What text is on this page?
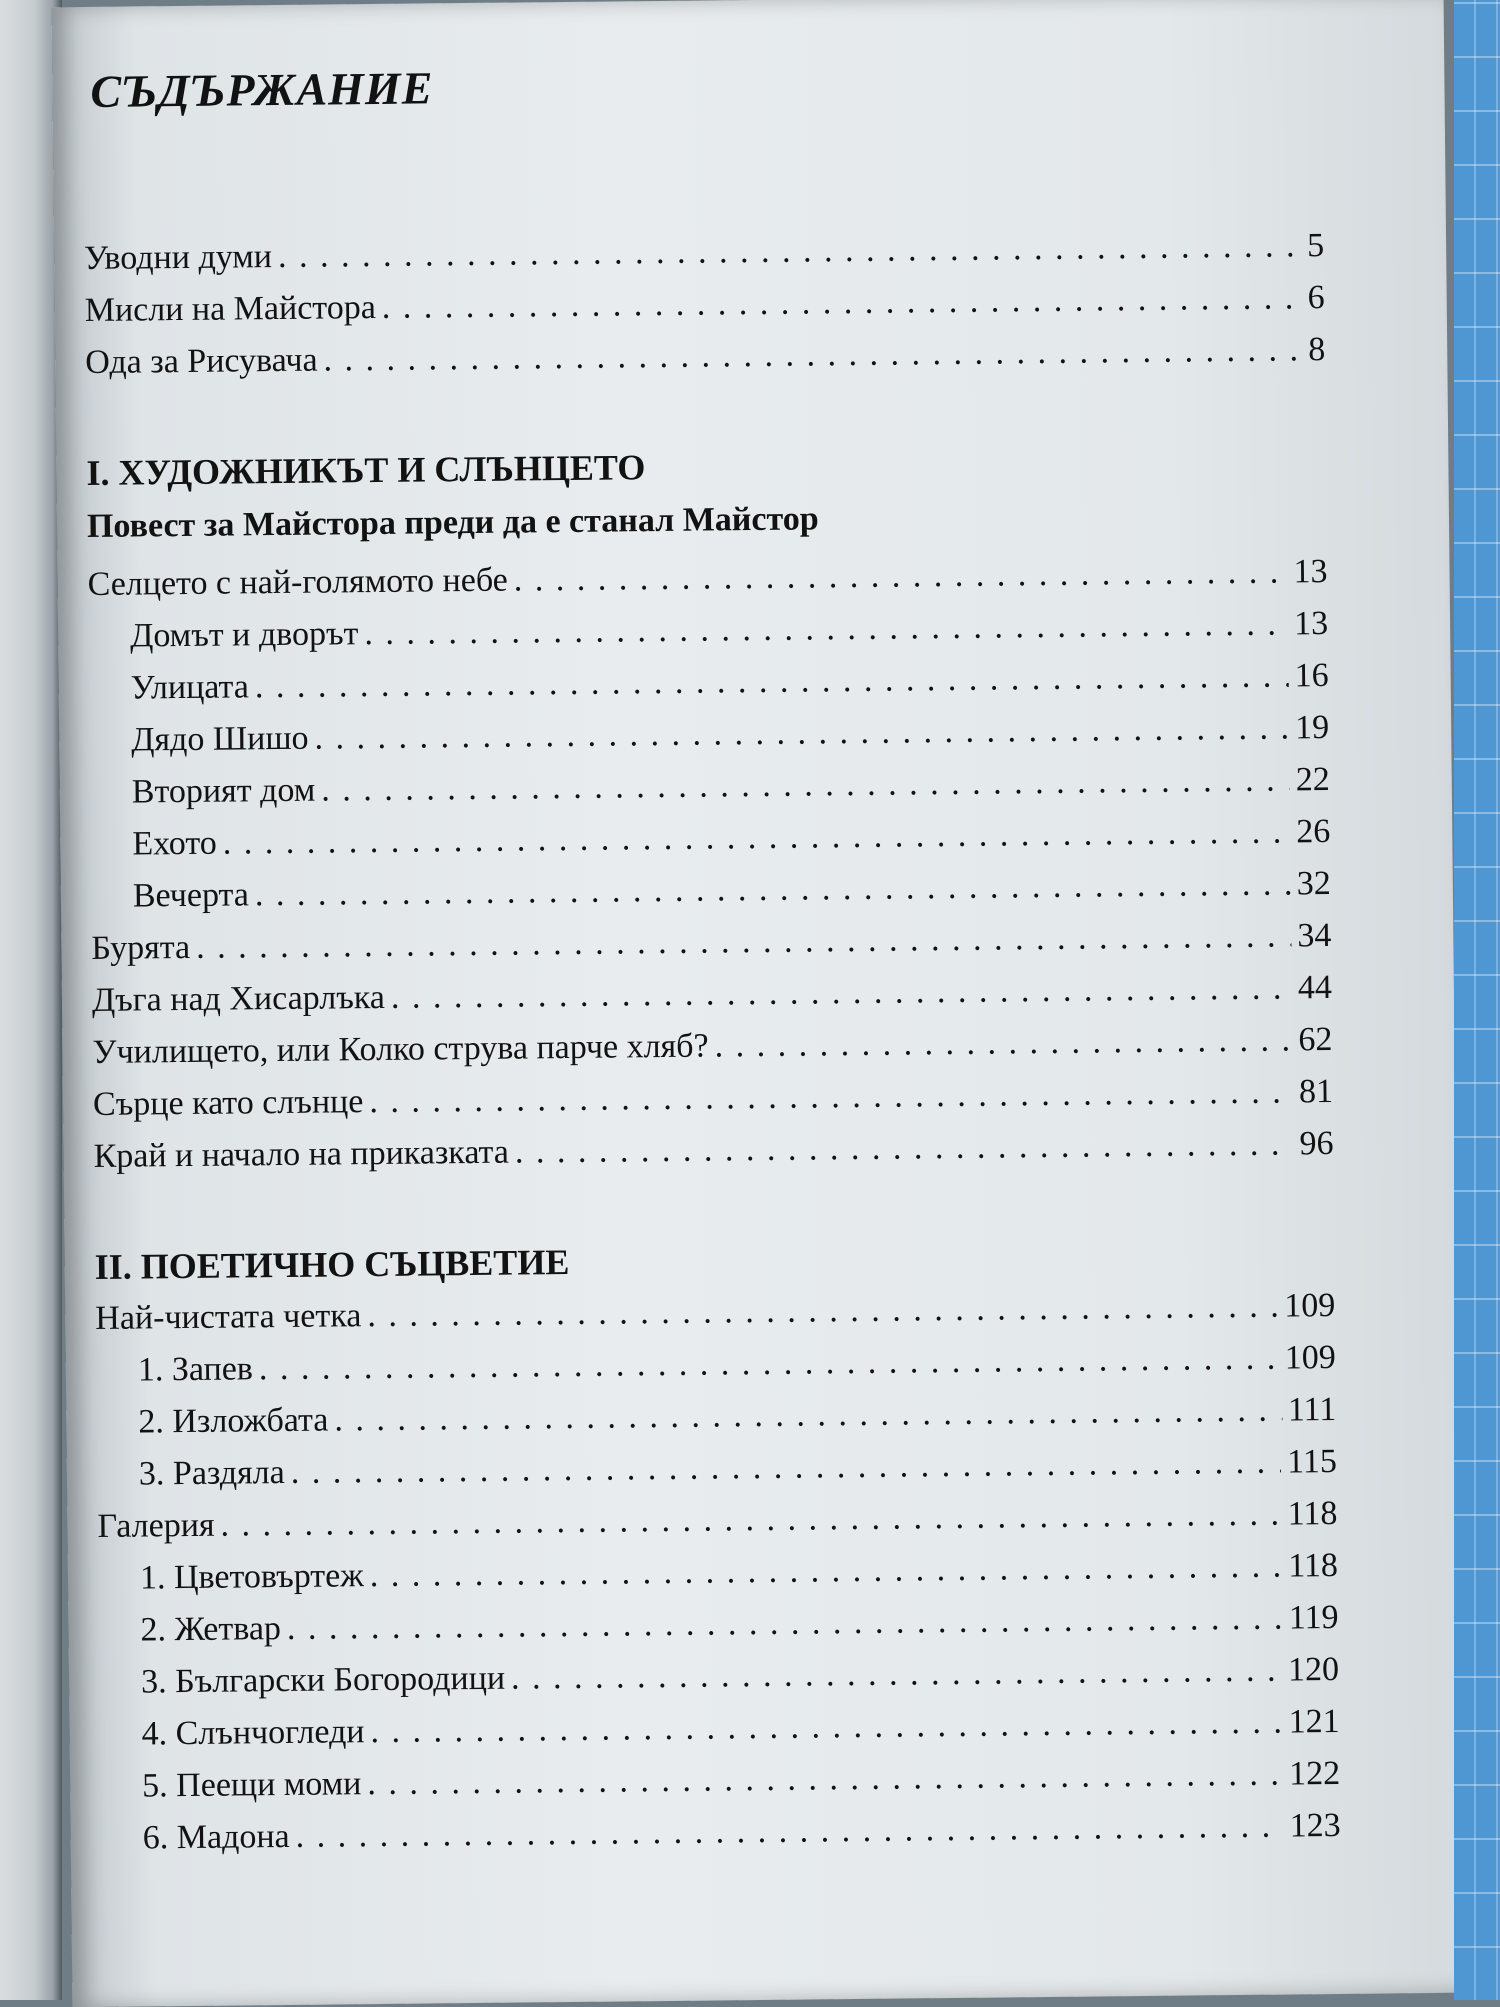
СЪДЪРЖАНИЕ
Уводни думи . . .	5
Мисли на Майстора . . .	6
Ода за Рисувача . . .	8
I. ХУДОЖНИКЪТ И СЛЪНЦЕТО
Повест за Майстора преди да е станал Майстор
Селцето с най-голямото небе . . .	13
Домът и дворът . . .	13
Улицата . . .	16
Дядо Шишо . . .	19
Вторият дом . . .	22
Ехото . . .	26
Вечерта . . .	32
Бурята . . .	34
Дъга над Хисарлъка . . .	44
Училището, или Колко струва парче хляб? . . .	62
Сърце като слънце . . .	81
Край и начало на приказката . . .	96
II. ПОЕТИЧНО СЪЦВЕТИЕ
Най-чистата четка . . .	109
1. Запев . . .	109
2. Изложбата . . .	111
3. Раздяла . . .	115
Галерия . . .	118
1. Цветовъртеж . . .	118
2. Жетвар . . .	119
3. Български Богородици . . .	120
4. Слънчогледи . . .	121
5. Пеещи моми . . .	122
6. Мадона . . .	123
